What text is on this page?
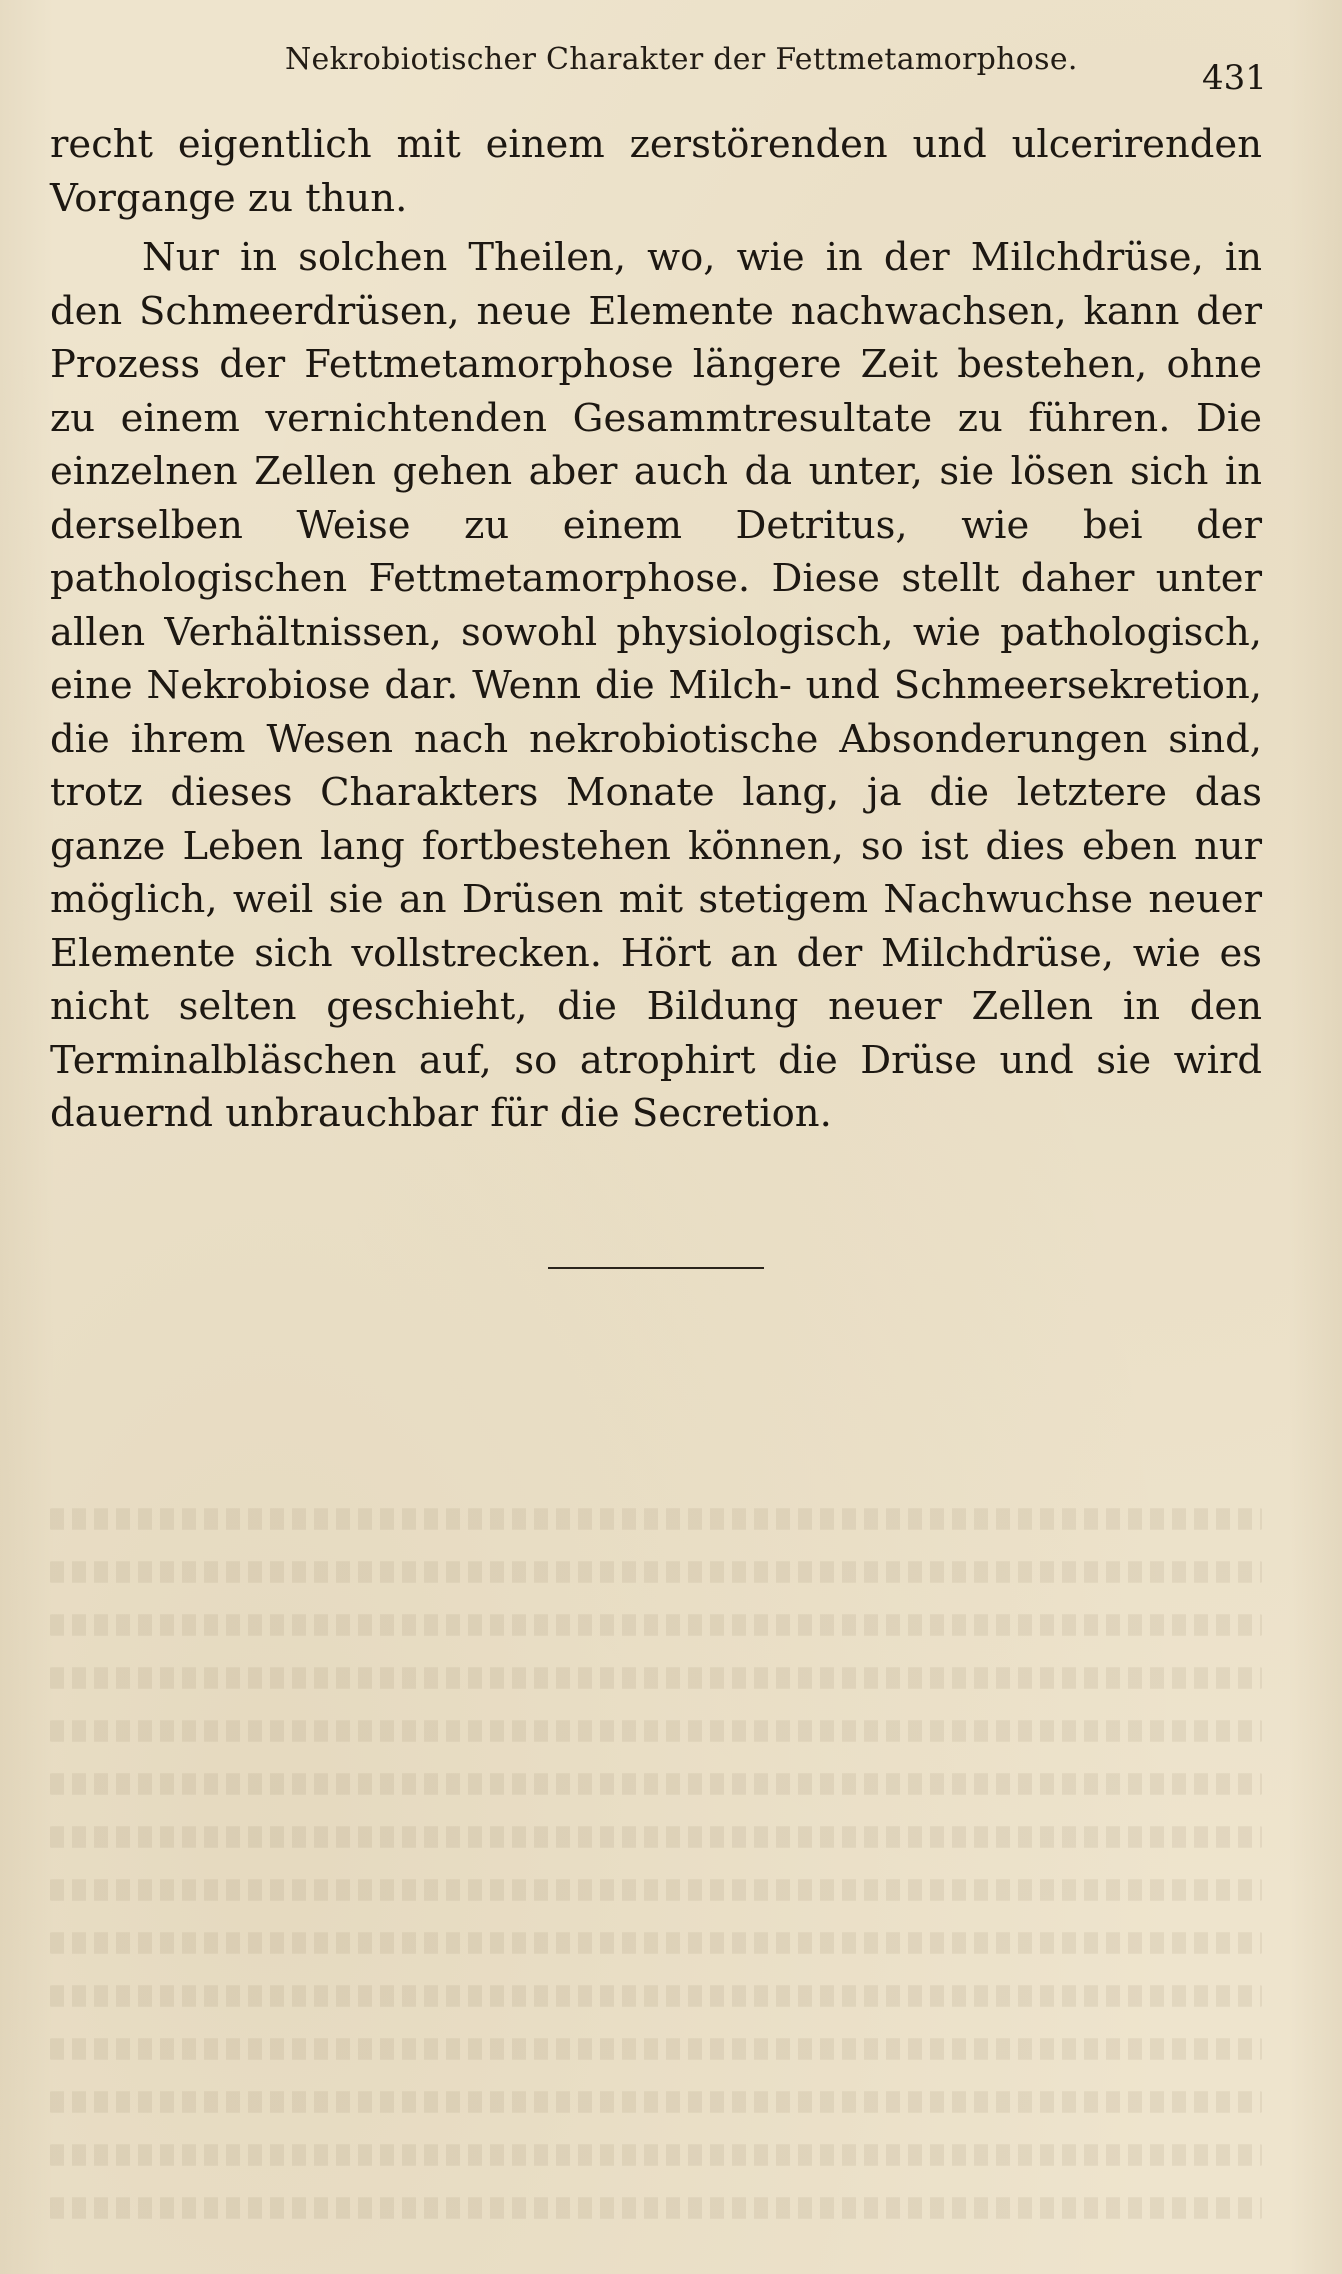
Nekrobiotischer Charakter der Fettmetamorphose.	431

recht eigentlich mit einem zerstörenden und ulcerirenden Vorgange zu thun.

Nur in solchen Theilen, wo, wie in der Milchdrüse, in den Schmeerdrüsen, neue Elemente nachwachsen, kann der Prozess der Fettmetamorphose längere Zeit bestehen, ohne zu einem vernichtenden Gesammtresultate zu führen. Die einzelnen Zellen gehen aber auch da unter, sie lösen sich in derselben Weise zu einem Detritus, wie bei der pathologischen Fettmetamorphose. Diese stellt daher unter allen Verhältnissen, sowohl physiologisch, wie pathologisch, eine Nekrobiose dar. Wenn die Milch- und Schmeersekretion, die ihrem Wesen nach nekrobiotische Absonderungen sind, trotz dieses Charakters Monate lang, ja die letztere das ganze Leben lang fortbestehen können, so ist dies eben nur möglich, weil sie an Drüsen mit stetigem Nachwuchse neuer Elemente sich vollstrecken. Hört an der Milchdrüse, wie es nicht selten geschieht, die Bildung neuer Zellen in den Terminalbläschen auf, so atrophirt die Drüse und sie wird dauernd unbrauchbar für die Secretion.
